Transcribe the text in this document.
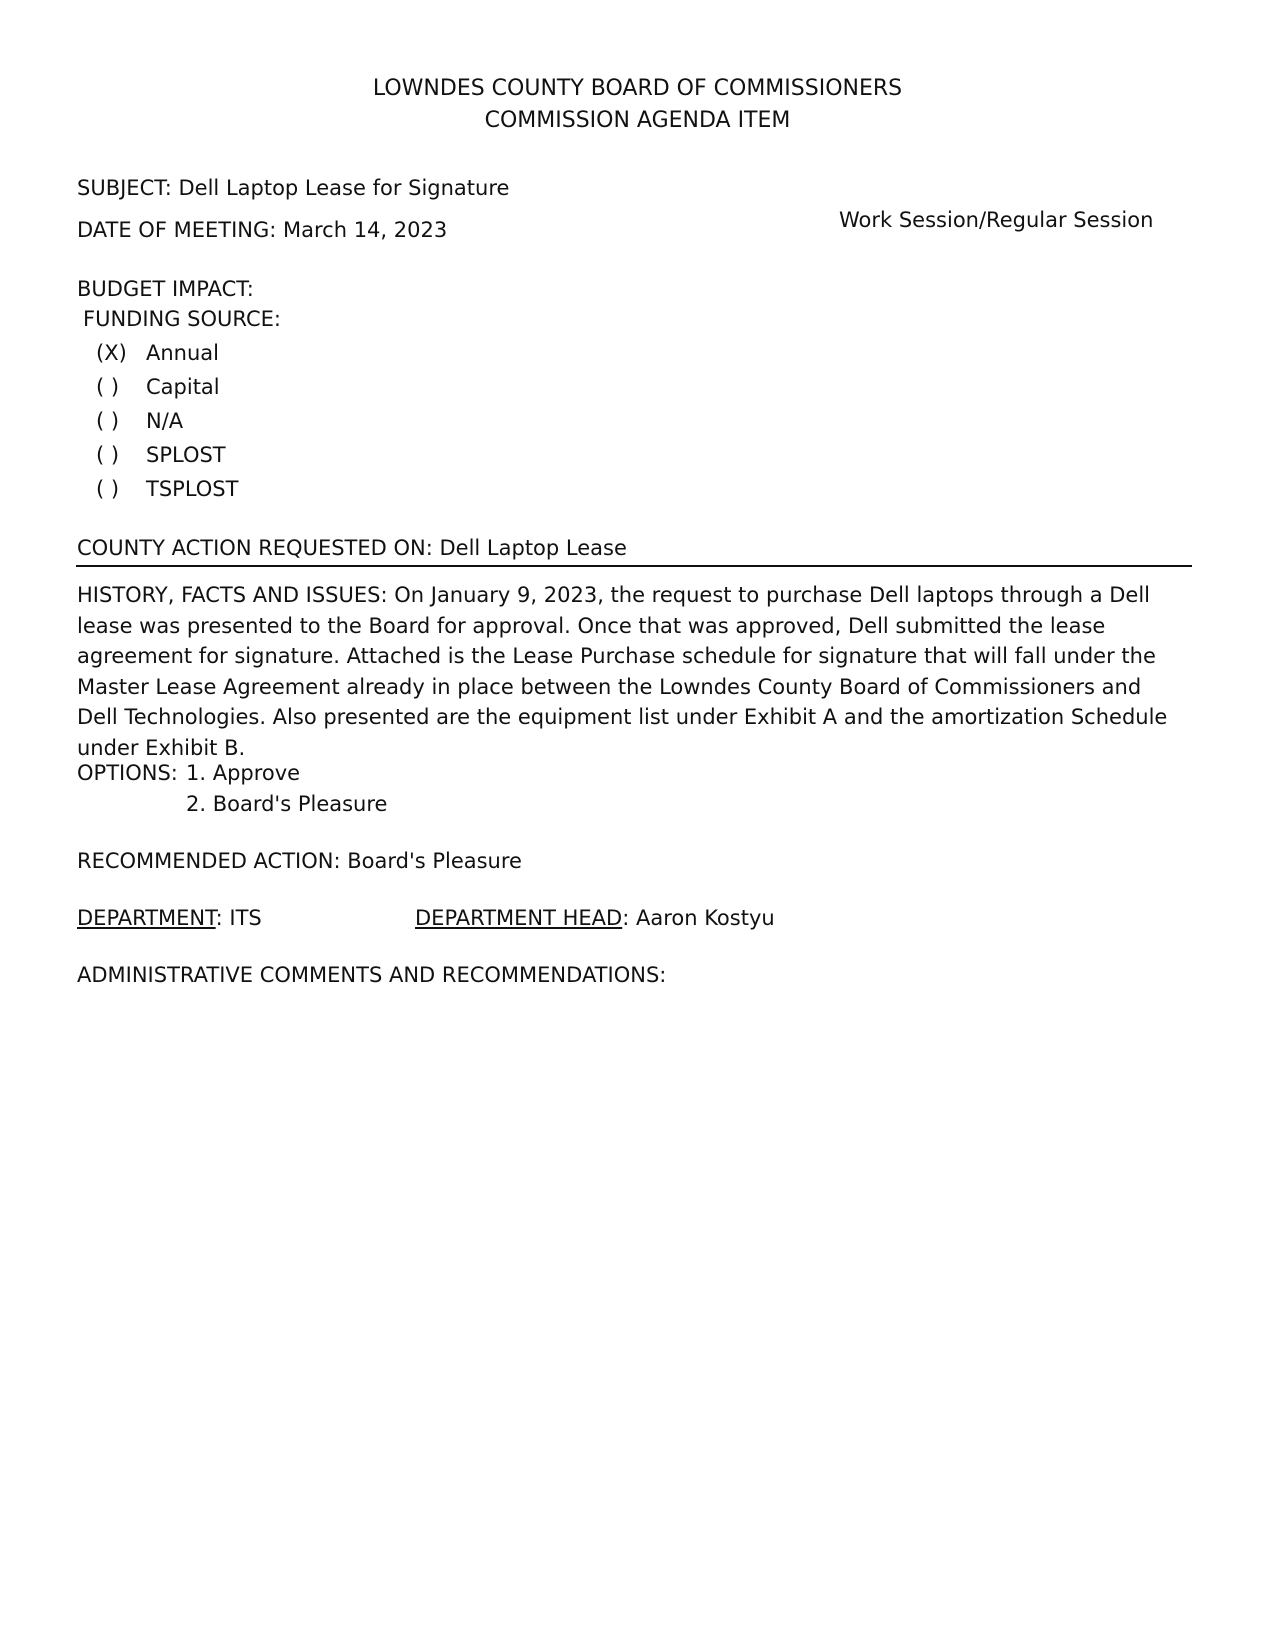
LOWNDES COUNTY BOARD OF COMMISSIONERS
COMMISSION AGENDA ITEM
SUBJECT: Dell Laptop Lease for Signature
DATE OF MEETING: March 14, 2023	Work Session/Regular Session
BUDGET IMPACT:
FUNDING SOURCE:
(X) Annual
( ) Capital
( ) N/A
( ) SPLOST
( ) TSPLOST
COUNTY ACTION REQUESTED ON: Dell Laptop Lease
HISTORY, FACTS AND ISSUES: On January 9, 2023, the request to purchase Dell laptops through a Dell lease was presented to the Board for approval. Once that was approved, Dell submitted the lease agreement for signature. Attached is the Lease Purchase schedule for signature that will fall under the Master Lease Agreement already in place between the Lowndes County Board of Commissioners and Dell Technologies. Also presented are the equipment list under Exhibit A and the amortization Schedule under Exhibit B.
OPTIONS: 1. Approve
2. Board's Pleasure
RECOMMENDED ACTION: Board's Pleasure
DEPARTMENT: ITS	DEPARTMENT HEAD: Aaron Kostyu
ADMINISTRATIVE COMMENTS AND RECOMMENDATIONS:
